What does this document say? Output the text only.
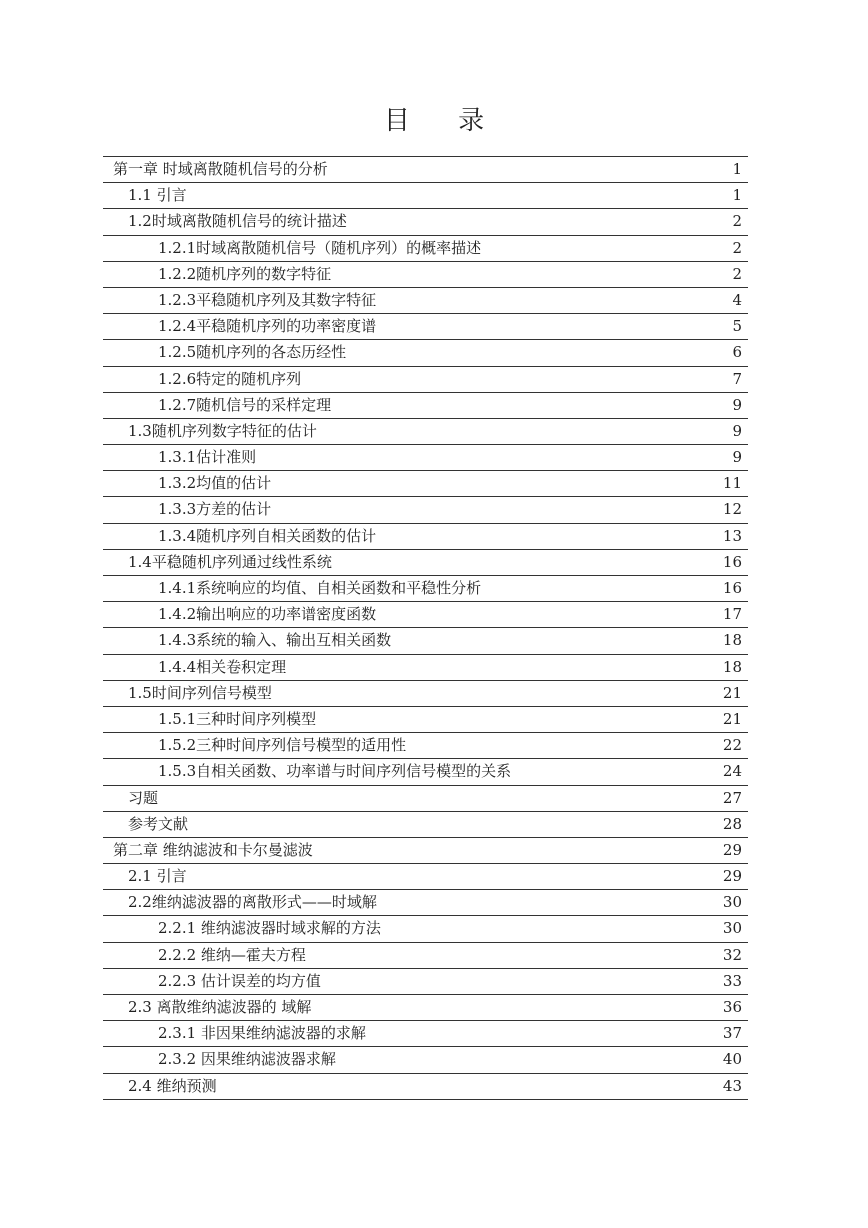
目 录
第一章 时域离散随机信号的分析	1
1.1 引言	1
1.2时域离散随机信号的统计描述	2
1.2.1时域离散随机信号（随机序列）的概率描述	2
1.2.2随机序列的数字特征	2
1.2.3平稳随机序列及其数字特征	4
1.2.4平稳随机序列的功率密度谱	5
1.2.5随机序列的各态历经性	6
1.2.6特定的随机序列	7
1.2.7随机信号的采样定理	9
1.3随机序列数字特征的估计	9
1.3.1估计准则	9
1.3.2均值的估计	11
1.3.3方差的估计	12
1.3.4随机序列自相关函数的估计	13
1.4平稳随机序列通过线性系统	16
1.4.1系统响应的均值、自相关函数和平稳性分析	16
1.4.2输出响应的功率谱密度函数	17
1.4.3系统的输入、输出互相关函数	18
1.4.4相关卷积定理	18
1.5时间序列信号模型	21
1.5.1三种时间序列模型	21
1.5.2三种时间序列信号模型的适用性	22
1.5.3自相关函数、功率谱与时间序列信号模型的关系	24
习题	27
参考文献	28
第二章 维纳滤波和卡尔曼滤波	29
2.1 引言	29
2.2维纳滤波器的离散形式——时域解	30
2.2.1 维纳滤波器时域求解的方法	30
2.2.2 维纳—霍夫方程	32
2.2.3 估计误差的均方值	33
2.3 离散维纳滤波器的 域解	36
2.3.1 非因果维纳滤波器的求解	37
2.3.2 因果维纳滤波器求解	40
2.4 维纳预测	43
